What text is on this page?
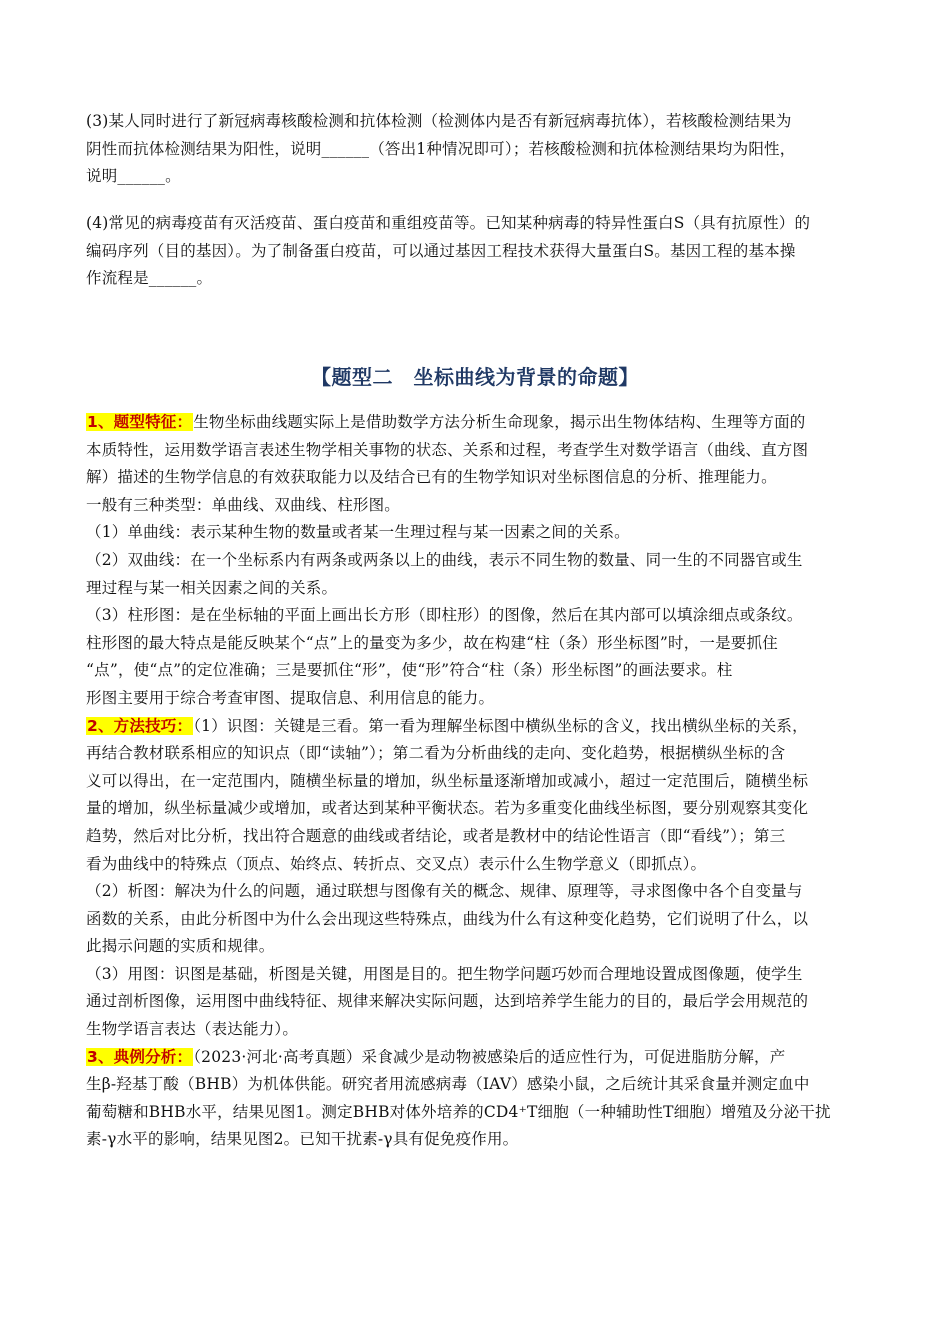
(3)某人同时进行了新冠病毒核酸检测和抗体检测（检测体内是否有新冠病毒抗体），若核酸检测结果为
阴性而抗体检测结果为阳性，说明______（答出1种情况即可）；若核酸检测和抗体检测结果均为阳性，
说明______。
(4)常见的病毒疫苗有灭活疫苗、蛋白疫苗和重组疫苗等。已知某种病毒的特异性蛋白S（具有抗原性）的
编码序列（目的基因）。为了制备蛋白疫苗，可以通过基因工程技术获得大量蛋白S。基因工程的基本操
作流程是______。
【题型二　坐标曲线为背景的命题】
1、题型特征：生物坐标曲线题实际上是借助数学方法分析生命现象，揭示出生物体结构、生理等方面的
本质特性，运用数学语言表述生物学相关事物的状态、关系和过程，考查学生对数学语言（曲线、直方图
解）描述的生物学信息的有效获取能力以及结合已有的生物学知识对坐标图信息的分析、推理能力。
一般有三种类型：单曲线、双曲线、柱形图。
（1）单曲线：表示某种生物的数量或者某一生理过程与某一因素之间的关系。
（2）双曲线：在一个坐标系内有两条或两条以上的曲线，表示不同生物的数量、同一生的不同器官或生
理过程与某一相关因素之间的关系。
（3）柱形图：是在坐标轴的平面上画出长方形（即柱形）的图像，然后在其内部可以填涂细点或条纹。
柱形图的最大特点是能反映某个“点”上的量变为多少，故在构建“柱（条）形坐标图”时，一是要抓住
“点”，使“点”的定位准确；三是要抓住“形”，使“形”符合“柱（条）形坐标图”的画法要求。柱
形图主要用于综合考查审图、提取信息、利用信息的能力。
2、方法技巧：（1）识图：关键是三看。第一看为理解坐标图中横纵坐标的含义，找出横纵坐标的关系，
再结合教材联系相应的知识点（即“读轴”）；第二看为分析曲线的走向、变化趋势，根据横纵坐标的含
义可以得出，在一定范围内，随横坐标量的增加，纵坐标量逐渐增加或减小，超过一定范围后，随横坐标
量的增加，纵坐标量减少或增加，或者达到某种平衡状态。若为多重变化曲线坐标图，要分别观察其变化
趋势，然后对比分析，找出符合题意的曲线或者结论，或者是教材中的结论性语言（即“看线”）；第三
看为曲线中的特殊点（顶点、始终点、转折点、交叉点）表示什么生物学意义（即抓点）。
（2）析图：解决为什么的问题，通过联想与图像有关的概念、规律、原理等，寻求图像中各个自变量与
函数的关系，由此分析图中为什么会出现这些特殊点，曲线为什么有这种变化趋势，它们说明了什么，以
此揭示问题的实质和规律。
（3）用图：识图是基础，析图是关键，用图是目的。把生物学问题巧妙而合理地设置成图像题，使学生
通过剖析图像，运用图中曲线特征、规律来解决实际问题，达到培养学生能力的目的，最后学会用规范的
生物学语言表达（表达能力）。
3、典例分析：（2023·河北·高考真题）采食减少是动物被感染后的适应性行为，可促进脂肪分解，产
生β-羟基丁酸（BHB）为机体供能。研究者用流感病毒（IAV）感染小鼠，之后统计其采食量并测定血中
葡萄糖和BHB水平，结果见图1。测定BHB对体外培养的CD4⁺T细胞（一种辅助性T细胞）增殖及分泌干扰
素-γ水平的影响，结果见图2。已知干扰素-γ具有促免疫作用。
